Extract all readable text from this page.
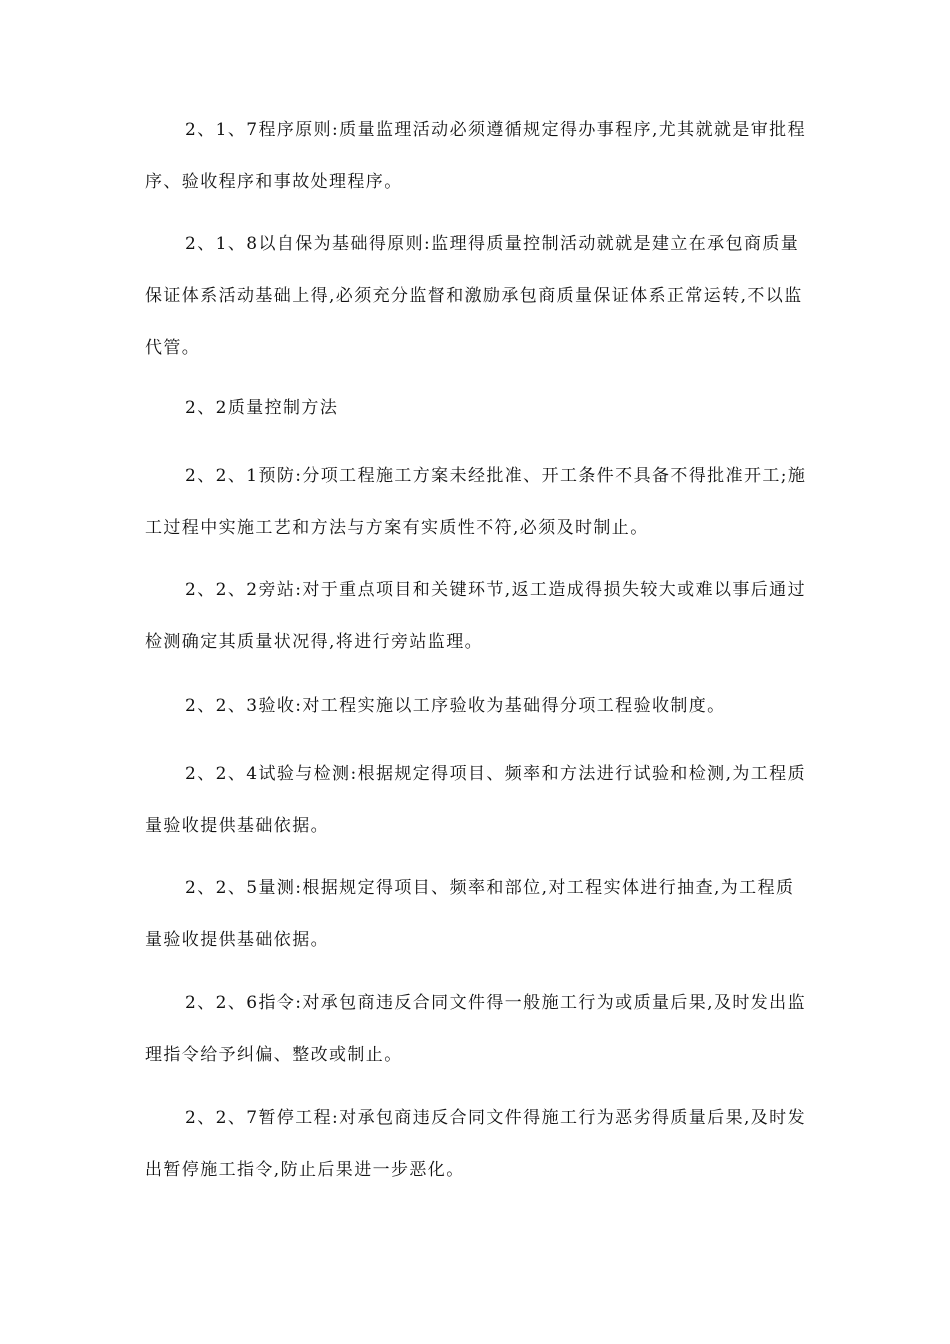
2、1、7程序原则:质量监理活动必须遵循规定得办事程序,尤其就就是审批程序、验收程序和事故处理程序。

2、1、8以自保为基础得原则:监理得质量控制活动就就是建立在承包商质量保证体系活动基础上得,必须充分监督和激励承包商质量保证体系正常运转,不以监代管。

2、2质量控制方法

2、2、1预防:分项工程施工方案未经批准、开工条件不具备不得批准开工;施工过程中实施工艺和方法与方案有实质性不符,必须及时制止。

2、2、2旁站:对于重点项目和关键环节,返工造成得损失较大或难以事后通过检测确定其质量状况得,将进行旁站监理。

2、2、3验收:对工程实施以工序验收为基础得分项工程验收制度。

2、2、4试验与检测:根据规定得项目、频率和方法进行试验和检测,为工程质量验收提供基础依据。

2、2、5量测:根据规定得项目、频率和部位,对工程实体进行抽查,为工程质量验收提供基础依据。

2、2、6指令:对承包商违反合同文件得一般施工行为或质量后果,及时发出监理指令给予纠偏、整改或制止。

2、2、7暂停工程:对承包商违反合同文件得施工行为恶劣得质量后果,及时发出暂停施工指令,防止后果进一步恶化。
